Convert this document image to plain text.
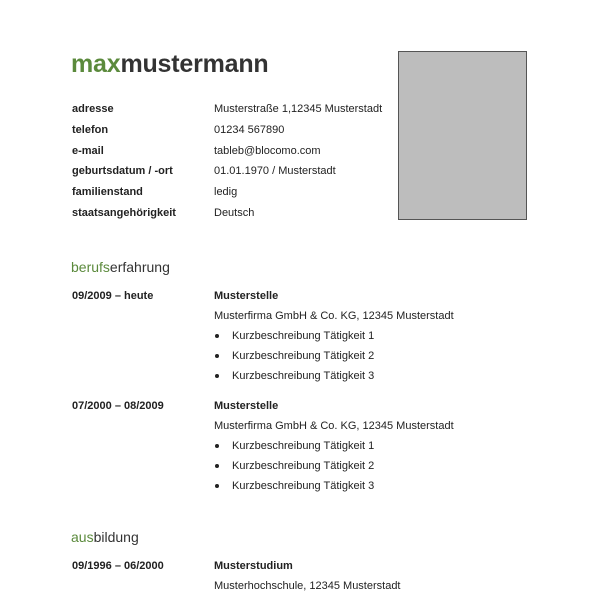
maxmustermann
adresse	Musterstraße 1,12345 Musterstadt
telefon	01234 567890
e-mail	tableb@blocomo.com
geburtsdatum / -ort	01.01.1970 / Musterstadt
familienstand	ledig
staatsangehörigkeit	Deutsch
berufserfahrung
09/2009 – heute	Musterstelle
Musterfirma GmbH & Co. KG, 12345 Musterstadt
Kurzbeschreibung Tätigkeit 1
Kurzbeschreibung Tätigkeit 2
Kurzbeschreibung Tätigkeit 3
07/2000 – 08/2009	Musterstelle
Musterfirma GmbH & Co. KG, 12345 Musterstadt
Kurzbeschreibung Tätigkeit 1
Kurzbeschreibung Tätigkeit 2
Kurzbeschreibung Tätigkeit 3
ausbildung
09/1996 – 06/2000	Musterstudium
Musterhochschule, 12345 Musterstadt
